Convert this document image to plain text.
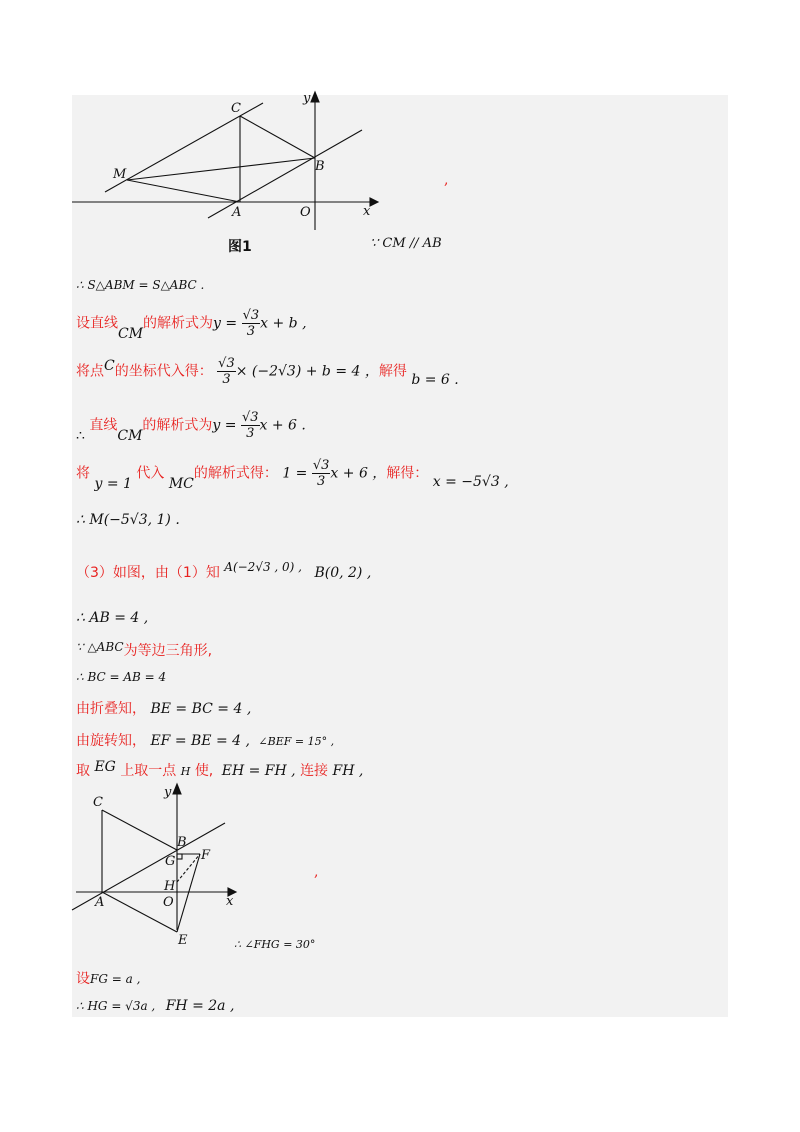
C
M
B
A	O	x
y
图1
,
∵ CM // AB
∴ S△ABM = S△ABC .
设直线CM的解析式为$y = \frac{√3}{3}$ x + b ,
将点C的坐标代入得： $\frac{√3}{3} \times (-2√3) + b = 4$ ，解得 b = 6 .
∴ 直线CM的解析式为$y = \frac{√3}{3}$ x + 6 .
将 y = 1 代入 MC的解析式得： $1 = \frac{√3}{3}$ x + 6 ，解得： x = −5√3 ,
∴ M(−5√3, 1) .
（3）如图，由（1）知 A(−2√3 , 0) , B(0, 2) ,
∴ AB = 4 ,
∵ △ABC为等边三角形,
∴ BC = AB = 4
由折叠知， BE = BC = 4 ,
由旋转知， EF = BE = 4 , ∠BEF = 15° ,
取 EG 上取一点 H 使, EH = FH , 连接 FH ,
C
y
B
G F
H
A	O	x
E
,
∴ ∠FHG = 30°
设FG = a ,
∴ HG = √3a , FH = 2a ,
